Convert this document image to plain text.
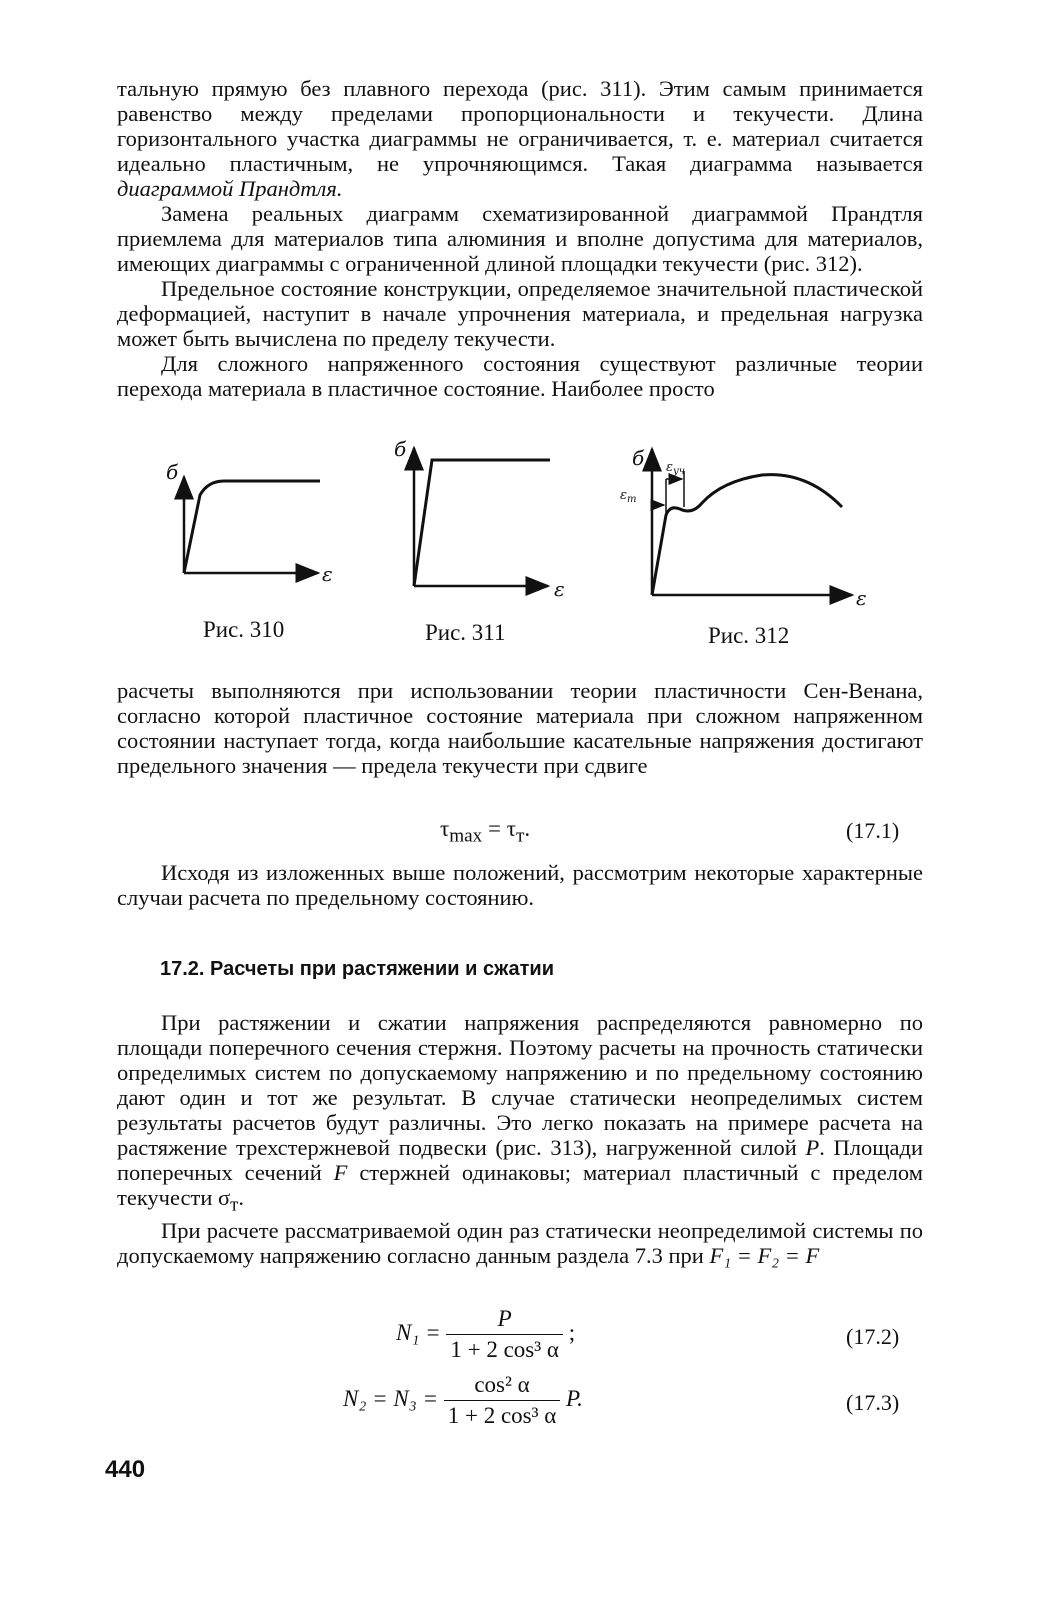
тальную прямую без плавного перехода (рис. 311). Этим самым принимается равенство между пределами пропорциональности и текучести. Длина горизонтального участка диаграммы не ограничивается, т. е. материал считается идеально пластичным, не упрочняющимся. Такая диаграмма называется диаграммой Прандтля.

Замена реальных диаграмм схематизированной диаграммой Прандтля приемлема для материалов типа алюминия и вполне допустима для материалов, имеющих диаграммы с ограниченной длиной площадки текучести (рис. 312).

Предельное состояние конструкции, определяемое значительной пластической деформацией, наступит в начале упрочнения материала, и предельная нагрузка может быть вычислена по пределу текучести.

Для сложного напряженного состояния существуют различные теории перехода материала в пластичное состояние. Наиболее просто

б
ε
Рис. 310
б
ε
Рис. 311
б
$\varepsilon_т$
$\varepsilon_{уч}$
ε
Рис. 312

расчеты выполняются при использовании теории пластичности Сен-Венана, согласно которой пластичное состояние материала при сложном напряженном состоянии наступает тогда, когда наибольшие касательные напряжения достигают предельного значения — предела текучести при сдвиге

$\tau_{max} = \tau_т$.	(17.1)

Исходя из изложенных выше положений, рассмотрим некоторые характерные случаи расчета по предельному состоянию.

17.2. Расчеты при растяжении и сжатии

При растяжении и сжатии напряжения распределяются равномерно по площади поперечного сечения стержня. Поэтому расчеты на прочность статически определимых систем по допускаемому напряжению и по предельному состоянию дают один и тот же результат. В случае статически неопределимых систем результаты расчетов будут различны. Это легко показать на примере расчета на растяжение трехстержневой подвески (рис. 313), нагруженной силой P. Площади поперечных сечений F стержней одинаковы; материал пластичный с пределом текучести $\sigma_т$.

При расчете рассматриваемой один раз статически неопределимой системы по допускаемому напряжению согласно данным раздела 7.3 при F₁ = F₂ = F

$N_1 = \frac{P}{\text{1 + 2 cos³ α}}$ ;	(17.2)
$N_2 = N_3 = \frac{\text{cos² α}}{\text{1 + 2 cos³ α}} P$.	(17.3)
440
